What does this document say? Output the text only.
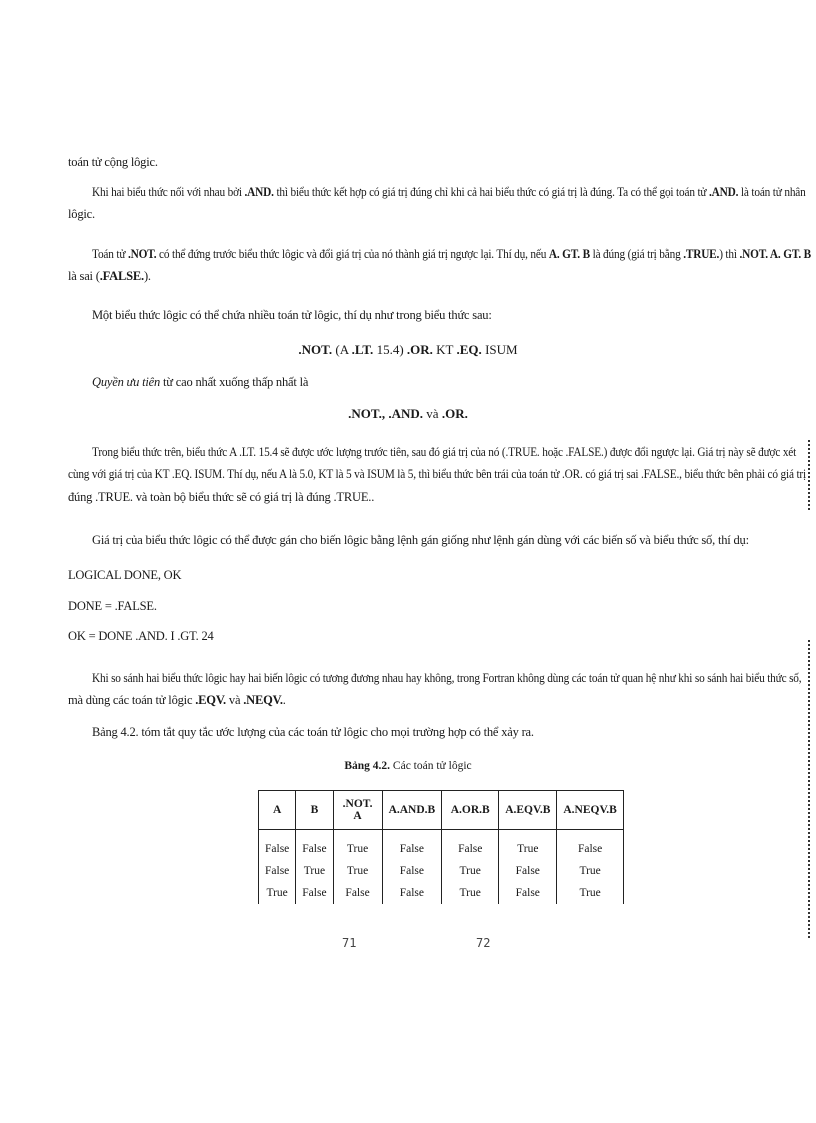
toán tử cộng lôgic.
Khi hai biểu thức nối với nhau bởi .AND. thì biểu thức kết hợp có giá trị đúng chỉ khi cả hai biểu thức có giá trị là đúng. Ta có thể gọi toán tử .AND. là toán tử nhân
lôgic.
Toán tử .NOT. có thể đứng trước biểu thức lôgic và đổi giá trị của nó thành giá trị ngược lại. Thí dụ, nếu A. GT. B là đúng (giá trị bằng .TRUE.) thì .NOT. A. GT. B
là sai (.FALSE.).
Một biểu thức lôgic có thể chứa nhiều toán tử lôgic, thí dụ như trong biểu thức sau:
.NOT. (A .LT. 15.4) .OR. KT .EQ. ISUM
Quyền ưu tiên từ cao nhất xuống thấp nhất là
.NOT., .AND. và .OR.
Trong biểu thức trên, biểu thức A .LT. 15.4 sẽ được ước lượng trước tiên, sau đó giá trị của nó (.TRUE. hoặc .FALSE.) được đổi ngược lại. Giá trị này sẽ được xét
cùng với giá trị của KT .EQ. ISUM. Thí dụ, nếu A là 5.0, KT là 5 và ISUM là 5, thì biểu thức bên trái của toán tử .OR. có giá trị sai .FALSE., biểu thức bên phải có giá trị
đúng .TRUE. và toàn bộ biểu thức sẽ có giá trị là đúng .TRUE..
Giá trị của biểu thức lôgic có thể được gán cho biến lôgic bằng lệnh gán giống như lệnh gán dùng với các biến số và biểu thức số, thí dụ:
LOGICAL DONE, OK
DONE = .FALSE.
OK = DONE .AND. I .GT. 24
Khi so sánh hai biểu thức lôgic hay hai biến lôgic có tương đương nhau hay không, trong Fortran không dùng các toán tử quan hệ như khi so sánh hai biểu thức số,
mà dùng các toán tử lôgic .EQV. và .NEQV..
Bảng 4.2. tóm tắt quy tắc ước lượng của các toán tử lôgic cho mọi trường hợp có thể xảy ra.
Bảng 4.2. Các toán tử lôgic
A	B	.NOT. A	A.AND.B	A.OR.B	A.EQV.B	A.NEQV.B
False	False	True	False	False	True	False
False	True	True	False	True	False	True
True	False	False	False	True	False	True
71	72
